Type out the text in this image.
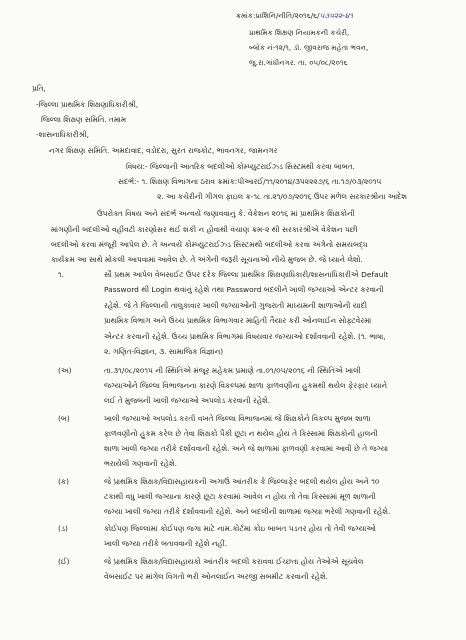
ક્રમાંક:પ્રાશિનિ/નીતિ/૨૦૧૬/૬/૫૩૫૨૨-૪૧
પ્રાથમિક શિક્ષણ નિયામકની કચેરી,
બ્લોક નં-૧૨/૧, ડૉ. જીવરાજ મહેતા ભવન,
જુ.રા.ગાંધીનગર. તા. ૦૫/૦૮/૨૦૧૬
પ્રતિ,
-જિલ્લા પ્રાથમિક શિક્ષણાધિકારીશ્રી,
જિલ્લા શિક્ષણ સમિતિ. તમામ
-શાસનાધિકારીશ્રી,
નગર શિક્ષણ સમિતિ. અમદાવાદ, વડોદરા, સુરત રાજકોટ, ભાવનગર, જામનગર
વિષય:- જિલ્લાની આંતરિક બદલીઓ કોમ્પ્યુટરાઈઝ્ડ સિસ્ટમથી કરવા બાબત.
સંદર્ભ:- ૧. શિક્ષણ વિભાગના ઠરાવ ક્રમાંક:પીઆરઈ/૧૧/૨૦૧૪/૩૫૨૨૨૭/૬ તા.૧૭/૦૩/૨૦૧૫
૨. આ કચેરીની ગીગલ ફાઇલ ક્ર-૧૮ તા.૨૧/૦૭/૨૦૧૬ ઉપર મળેલ સરકારશ્રીના આદેશ
ઉપરોક્ત વિષય અને સંદર્ભ અન્વયે જણાવવાનું કે. વેકેશન ૨૦૧૬ માં પ્રાથમિક શિક્ષકોની
માંગણીની બદલીઓ વહીવટી કારણોસર થઈ શકી ન હોવાથી વંચાણ ક્રમ-૨ થી સરકારશ્રીએ વેકેશન પછી
બદલીઓ કરવા મંજૂરી આપેલ છે. તે અન્વયે કોમ્પ્યુટરાઈઝ્ડ સિસ્ટમથી બદલીઓ કરવા અંગેનો સમયબદ્ધ
કાર્યક્રમ આ સાથે મોકલી આપવામાં આવેલ છે. તે અંગેની જરૂરી સૂચનાઓ નીચે મુજબ છે. જે ધ્યાને લેશો.
૧.	સૌ પ્રથમ આપેલ વેબસાઈટ ઉપર દરેક જિલ્લા પ્રાથમિક શિક્ષણાધિકારી/શાસનાધિકારીએ Default
Password થી Login થવાનું રહેશે તથા Password બદલીને ખાલી જગ્યાઓ એન્ટર કરવાની
રહેશે. જે તે જિલ્લાની તાલુકાવાર ખાલી જગ્યાઓની ગુજરાતી માધ્યમની શાળાઓની યાદી
પ્રાથમિક વિભાગ અને ઉચ્ચ પ્રાથમિક વિભાગવાર માહિતી તૈયાર કરી ઓનલાઈન સોફ્ટવેરમાં
એન્ટર કરવાની રહેશે. ઉચ્ચ પ્રાથમિક વિભાગમાં વિષયવાર જગ્યાઓ દર્શાવવાની રહેશે. (૧. ભાષા,
૨. ગણિત-વિજ્ઞાન, ૩. સામાજિક વિજ્ઞાન)
(અ)	તા.૩૧/૦૮/૨૦૧૫ ની સ્થિતિએ મંજૂર મહેકમ પ્રમાણે તા.૦૧/૦૫/૨૦૧૬ ની સ્થિતિએ ખાલી
જગ્યાઓને જિલ્લા વિભાજનના કારણે વિકલ્પમાં શાળા ફાળવણીના હુકમથી થયેલ ફેરફાર ધ્યાને
લઈ તે મુજબની ખાલી જગ્યાઓ અપલોડ કરવાની રહેશે.
(બ)	ખાલી જગ્યાઓ અપલોડ કરતી વખતે જિલ્લા વિભાજનમાં જે શિક્ષકોને વિકલ્પ મુજબ શાળા
ફાળવણીનો હુકમ કરેલ છે તેવા શિક્ષકો પૈકી છૂટા ન થયેલ હોય તે કિસ્સામાં શિક્ષકોની હાલની
શાળા ખાલી જગ્યા તરીકે દર્શાવવાની રહેશે. અને જે શાળામાં ફાળવણી કરવામાં આવી છે તે જગ્યા
ભરાયેલી ગણવાની રહેશે.
(ક)	જે પ્રાથમિક શિક્ષક/વિદ્યાસહાયકની અગાઉ આંતરીક કે જિલ્લાફેર બદલી થયેલ હોય અને ૧૦
ટકાથી વધુ ખાલી જગ્યાના કારણે છૂટા કરવામાં આવેલ ન હોય તો તેવા કિસ્સામાં મૂળ શાળાની
જગ્યા ખાલી જગ્યા તરીકે દર્શાવવાની રહેશે. અને બદલીની શાળામાં જગ્યા ભરેલી ગણવાની રહેશે.
(ડ)	કોઈપણ જિલ્લામાં કોઈપણ જગા માટે નામ.કોર્ટમાં કોઇ બાબત પડતર હોય તો તેવી જગ્યાઓ
ખાલી જગ્યા તરીકે બતાવવાની રહેશે નહીં.
(ઈ)	જે પ્રાથમિક શિક્ષક/વિદ્યાસહાયકો આંતરીક બદલી કરાવવા ઈચ્છતા હોય તેઓએ સૂચવેલ
વેબસાઈટ પર માંગેલ વિગતો ભરી ઓનલાઈન અરજી સબમીટ કરવાની રહેશે.
